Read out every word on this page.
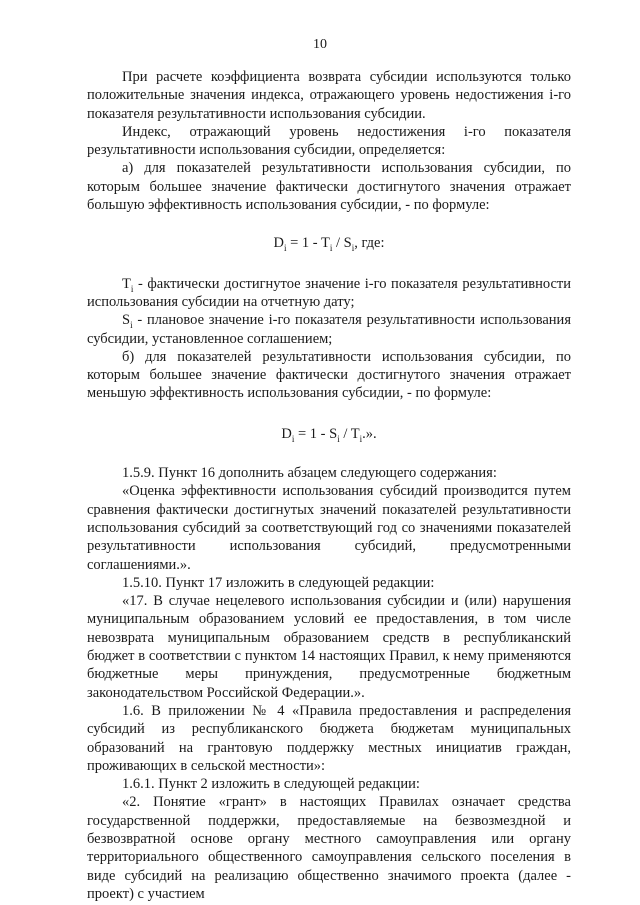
10

При расчете коэффициента возврата субсидии используются только положительные значения индекса, отражающего уровень недостижения i-го показателя результативности использования субсидии.

Индекс, отражающий уровень недостижения i-го показателя результативности использования субсидии, определяется:

а) для показателей результативности использования субсидии, по которым большее значение фактически достигнутого значения отражает большую эффективность использования субсидии, - по формуле:

$D_i = 1 - T_i / S_i$, где:

$T_i$ - фактически достигнутое значение i-го показателя результативности использования субсидии на отчетную дату;

$S_i$ - плановое значение i-го показателя результативности использования субсидии, установленное соглашением;

б) для показателей результативности использования субсидии, по которым большее значение фактически достигнутого значения отражает меньшую эффективность использования субсидии, - по формуле:

$D_i = 1 - S_i / T_i$.».

1.5.9. Пункт 16 дополнить абзацем следующего содержания:

«Оценка эффективности использования субсидий производится путем сравнения фактически достигнутых значений показателей результативности использования субсидий за соответствующий год со значениями показателей результативности использования субсидий, предусмотренными соглашениями.».

1.5.10. Пункт 17 изложить в следующей редакции:

«17. В случае нецелевого использования субсидии и (или) нарушения муниципальным образованием условий ее предоставления, в том числе невозврата муниципальным образованием средств в республиканский бюджет в соответствии с пунктом 14 настоящих Правил, к нему применяются бюджетные меры принуждения, предусмотренные бюджетным законодательством Российской Федерации.».

1.6. В приложении № 4 «Правила предоставления и распределения субсидий из республиканского бюджета бюджетам муниципальных образований на грантовую поддержку местных инициатив граждан, проживающих в сельской местности»:

1.6.1. Пункт 2 изложить в следующей редакции:

«2. Понятие «грант» в настоящих Правилах означает средства государственной поддержки, предоставляемые на безвозмездной и безвозвратной основе органу местного самоуправления или органу территориального общественного самоуправления сельского поселения в виде субсидий на реализацию общественно значимого проекта (далее - проект) с участием
